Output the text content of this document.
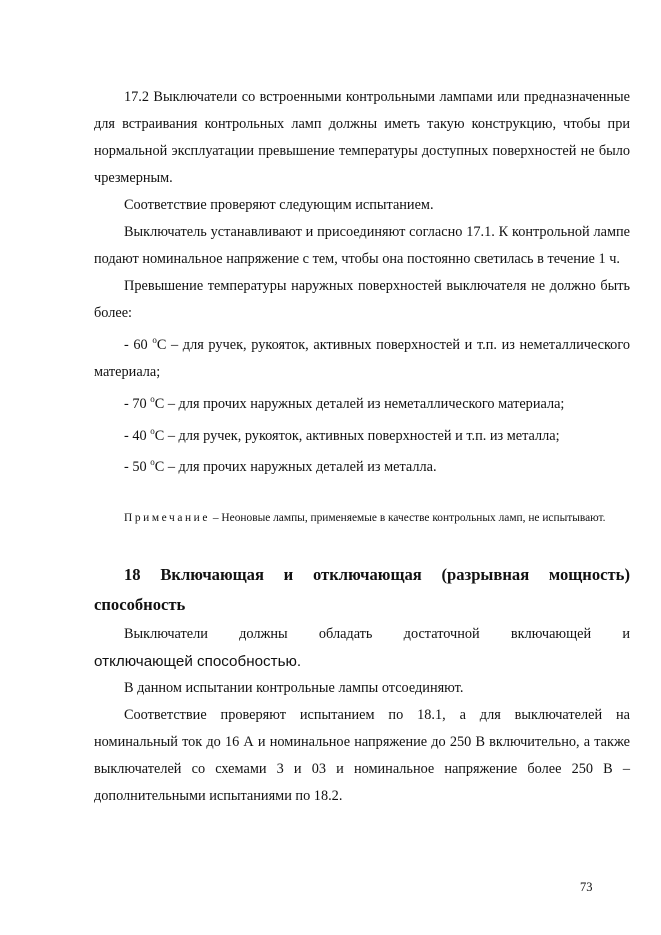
17.2 Выключатели со встроенными контрольными лампами или предназначенные для встраивания контрольных ламп должны иметь такую конструкцию, чтобы при нормальной эксплуатации превышение температуры доступных поверхностей не было чрезмерным.

Соответствие проверяют следующим испытанием.

Выключатель устанавливают и присоединяют согласно 17.1. К контрольной лампе подают номинальное напряжение с тем, чтобы она постоянно светилась в течение 1 ч.

Превышение температуры наружных поверхностей выключателя не должно быть более:

- 60 $^o$C – для ручек, рукояток, активных поверхностей и т.п. из неметаллического материала;

- 70 $^o$C – для прочих наружных деталей из неметаллического материала;

- 40 $^o$C – для ручек, рукояток, активных поверхностей и т.п. из металла;

- 50 $^o$C – для прочих наружных деталей из металла.

Примечание – Неоновые лампы, применяемые в качестве контрольных ламп, не испытывают.

18 Включающая и отключающая (разрывная мощность) способность

Выключатели должны обладать достаточной включающей и

отключающей способностью.

В данном испытании контрольные лампы отсоединяют.

Соответствие проверяют испытанием по 18.1, а для выключателей на номинальный ток до 16 А и номинальное напряжение до 250 В включительно, а также выключателей со схемами 3 и 03 и номинальное напряжение более 250 В – дополнительными испытаниями по 18.2.

73
